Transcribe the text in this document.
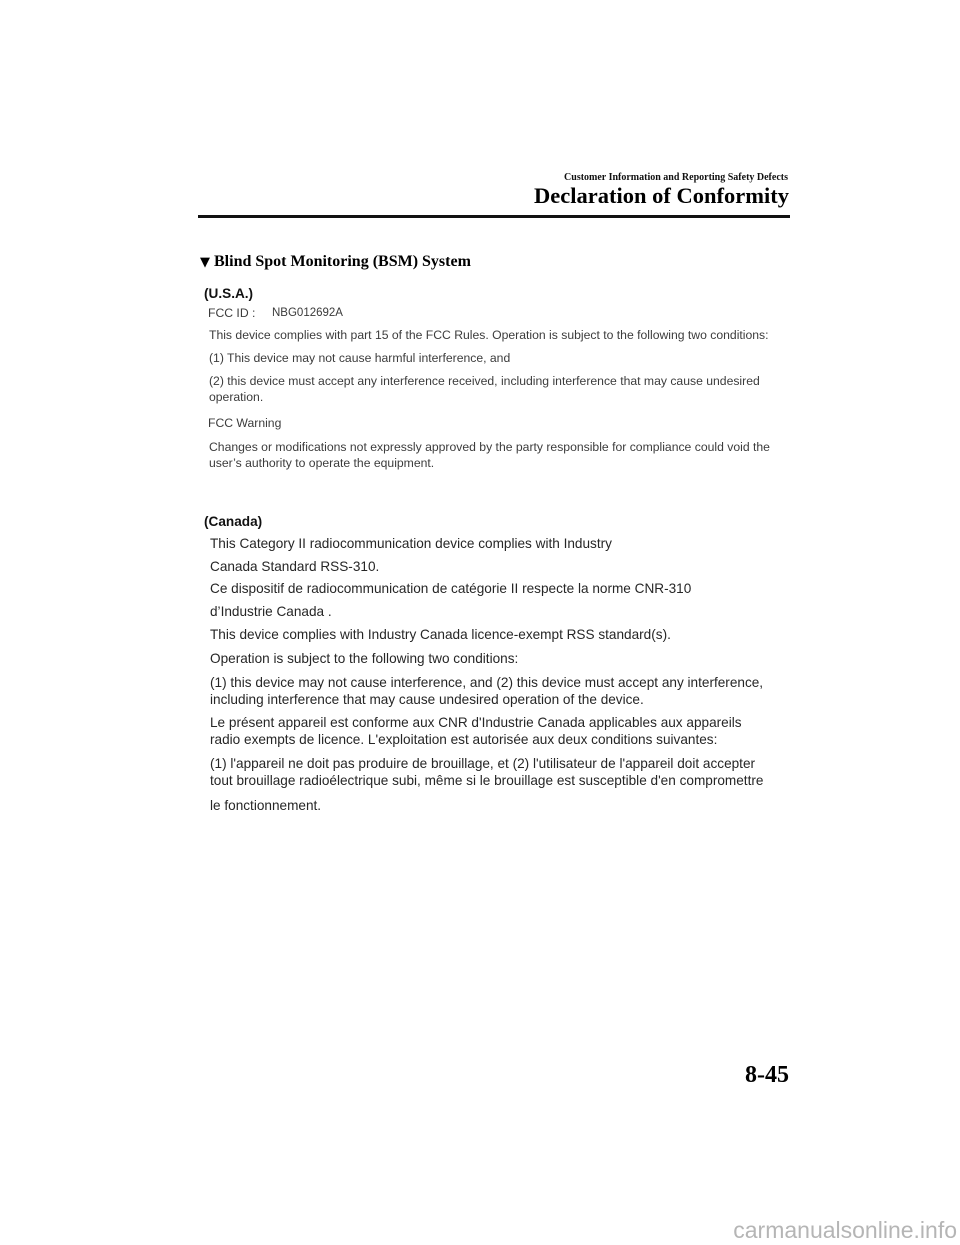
Customer Information and Reporting Safety Defects
Declaration of Conformity
▼ Blind Spot Monitoring (BSM) System
(U.S.A.)
FCC ID : NBG012692A
This device complies with part 15 of the FCC Rules. Operation is subject to the following two conditions:
(1) This device may not cause harmful interference, and
(2) this device must accept any interference received, including interference that may cause undesired
operation.
FCC Warning
Changes or modifications not expressly approved by the party responsible for compliance could void the
user’s authority to operate the equipment.
(Canada)
This Category II radiocommunication device complies with Industry
Canada Standard RSS-310.
Ce dispositif de radiocommunication de catégorie II respecte la norme CNR-310
d’Industrie Canada .
This device complies with Industry Canada licence-exempt RSS standard(s).
Operation is subject to the following two conditions:
(1) this device may not cause interference, and (2) this device must accept any interference,
including interference that may cause undesired operation of the device.
Le présent appareil est conforme aux CNR d'Industrie Canada applicables aux appareils
radio exempts de licence. L'exploitation est autorisée aux deux conditions suivantes:
(1) l'appareil ne doit pas produire de brouillage, et (2) l'utilisateur de l'appareil doit accepter
tout brouillage radioélectrique subi, même si le brouillage est susceptible d'en compromettre
le fonctionnement.
8-45
carmanualsonline.info
